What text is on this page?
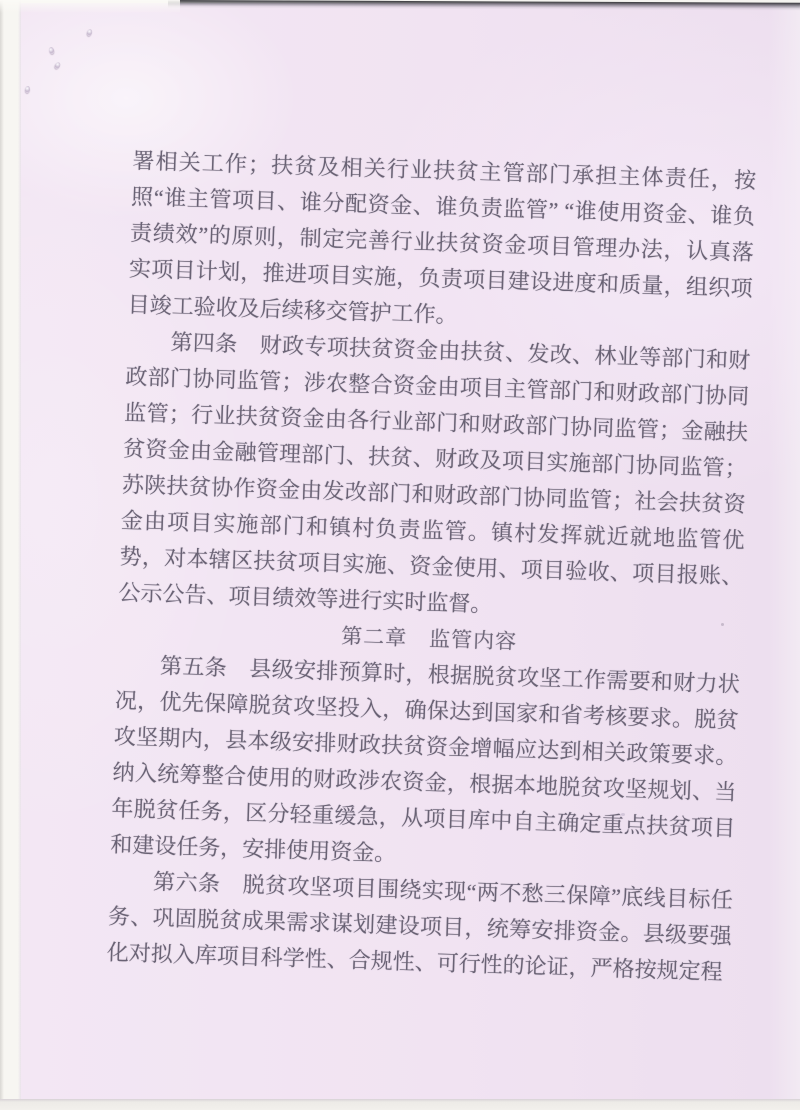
署相关工作；扶贫及相关行业扶贫主管部门承担主体责任，按照“谁主管项目、谁分配资金、谁负责监管” “谁使用资金、谁负责绩效”的原则，制定完善行业扶贫资金项目管理办法，认真落实项目计划，推进项目实施，负责项目建设进度和质量，组织项目竣工验收及后续移交管护工作。

第四条　财政专项扶贫资金由扶贫、发改、林业等部门和财政部门协同监管；涉农整合资金由项目主管部门和财政部门协同监管；行业扶贫资金由各行业部门和财政部门协同监管；金融扶贫资金由金融管理部门、扶贫、财政及项目实施部门协同监管；苏陕扶贫协作资金由发改部门和财政部门协同监管；社会扶贫资金由项目实施部门和镇村负责监管。镇村发挥就近就地监管优势，对本辖区扶贫项目实施、资金使用、项目验收、项目报账、公示公告、项目绩效等进行实时监督。

第二章　监管内容

第五条　县级安排预算时，根据脱贫攻坚工作需要和财力状况，优先保障脱贫攻坚投入，确保达到国家和省考核要求。脱贫攻坚期内，县本级安排财政扶贫资金增幅应达到相关政策要求。纳入统筹整合使用的财政涉农资金，根据本地脱贫攻坚规划、当年脱贫任务，区分轻重缓急，从项目库中自主确定重点扶贫项目和建设任务，安排使用资金。

第六条　脱贫攻坚项目围绕实现“两不愁三保障”底线目标任务、巩固脱贫成果需求谋划建设项目，统筹安排资金。县级要强化对拟入库项目科学性、合规性、可行性的论证，严格按规定程
